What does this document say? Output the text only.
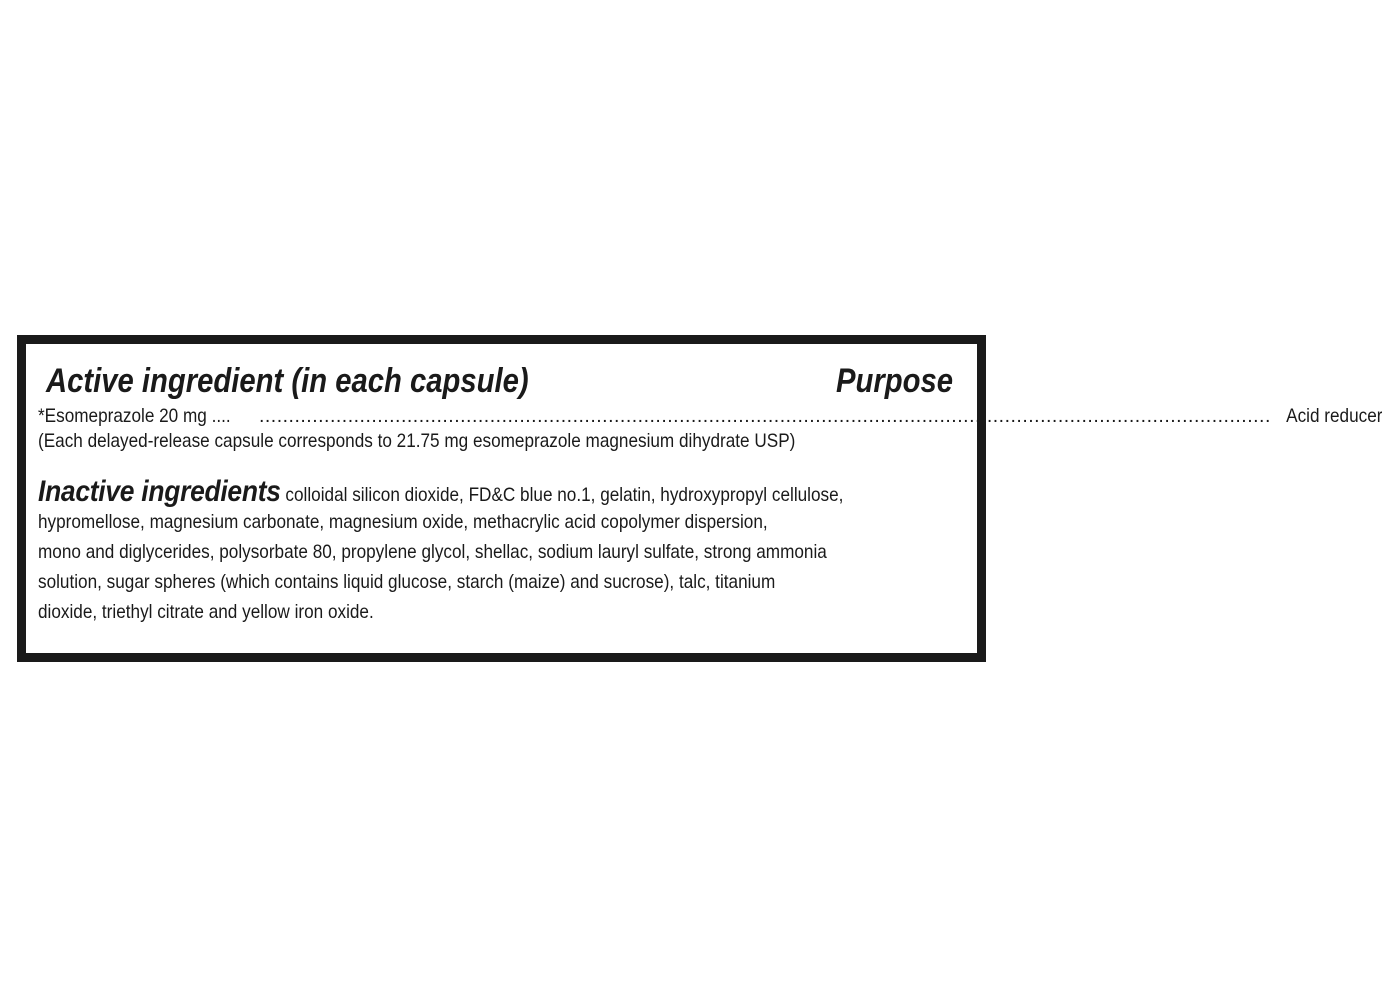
Active ingredient (in each capsule)	Purpose
*Esomeprazole 20 mg .... ........................................................................................................................................................................... Acid reducer
(Each delayed-release capsule corresponds to 21.75 mg esomeprazole magnesium dihydrate USP)
Inactive ingredients colloidal silicon dioxide, FD&C blue no.1, gelatin, hydroxypropyl cellulose,
hypromellose, magnesium carbonate, magnesium oxide, methacrylic acid copolymer dispersion,
mono and diglycerides, polysorbate 80, propylene glycol, shellac, sodium lauryl sulfate, strong ammonia
solution, sugar spheres (which contains liquid glucose, starch (maize) and sucrose), talc, titanium
dioxide, triethyl citrate and yellow iron oxide.
